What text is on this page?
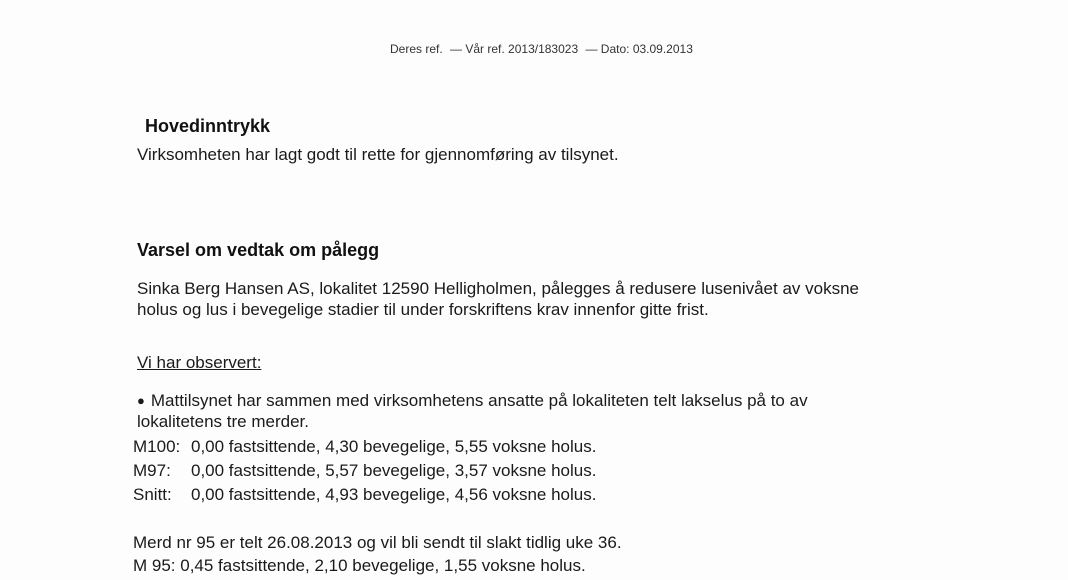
Deres ref. — Vår ref. 2013/183023 — Dato: 03.09.2013
Hovedinntrykk
Virksomheten har lagt godt til rette for gjennomføring av tilsynet.
Varsel om vedtak om pålegg
Sinka Berg Hansen AS, lokalitet 12590 Helligholmen, pålegges å redusere lusenivået av voksne
holus og lus i bevegelige stadier til under forskriftens krav innenfor gitte frist.
Vi har observert:
● Mattilsynet har sammen med virksomhetens ansatte på lokaliteten telt lakselus på to av
lokalitetens tre merder.
M100: 0,00 fastsittende, 4,30 bevegelige, 5,55 voksne holus.
M97: 0,00 fastsittende, 5,57 bevegelige, 3,57 voksne holus.
Snitt: 0,00 fastsittende, 4,93 bevegelige, 4,56 voksne holus.
Merd nr 95 er telt 26.08.2013 og vil bli sendt til slakt tidlig uke 36.
M 95: 0,45 fastsittende, 2,10 bevegelige, 1,55 voksne holus.
